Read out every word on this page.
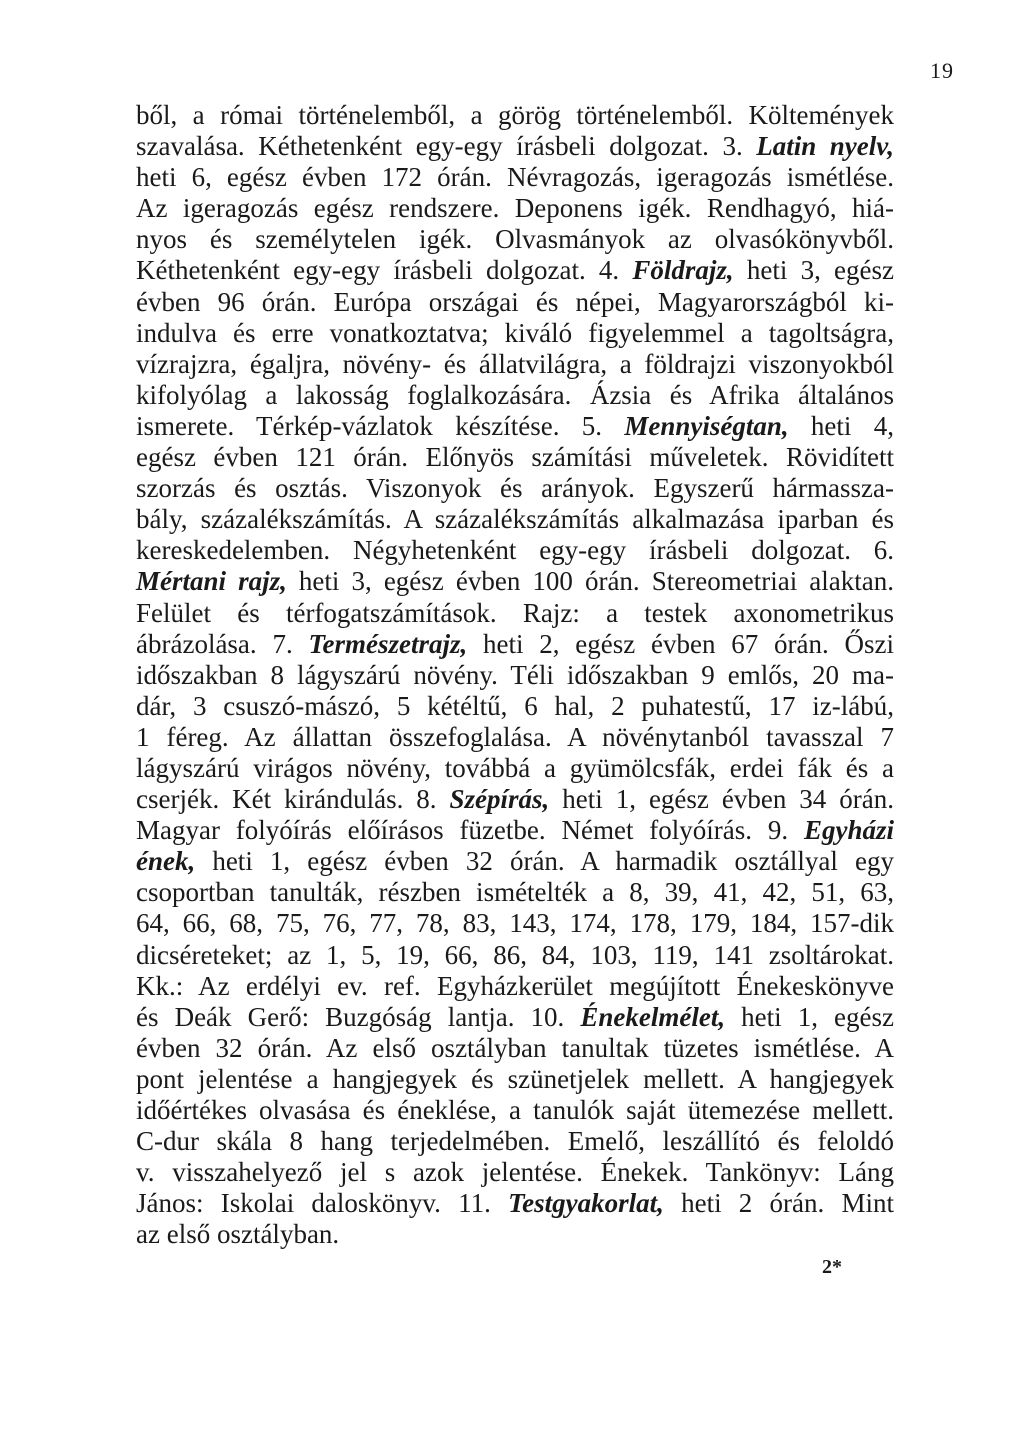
19
ből, a római történelemből, a görög történelemből. Költemények
szavalása. Kéthetenként egy-egy írásbeli dolgozat. 3. Latin nyelv,
heti 6, egész évben 172 órán. Névragozás, igeragozás ismétlése.
Az igeragozás egész rendszere. Deponens igék. Rendhagyó, hiá-
nyos és személytelen igék. Olvasmányok az olvasókönyvből.
Kéthetenként egy-egy írásbeli dolgozat. 4. Földrajz, heti 3, egész
évben 96 órán. Európa országai és népei, Magyarországból ki-
indulva és erre vonatkoztatva; kiváló figyelemmel a tagoltságra,
vízrajzra, égaljra, növény- és állatvilágra, a földrajzi viszonyokból
kifolyólag a lakosság foglalkozására. Ázsia és Afrika általános
ismerete. Térkép-vázlatok készítése. 5. Mennyiségtan, heti 4,
egész évben 121 órán. Előnyös számítási műveletek. Rövidített
szorzás és osztás. Viszonyok és arányok. Egyszerű hármassza-
bály, százalékszámítás. A százalékszámítás alkalmazása iparban és
kereskedelemben. Négyhetenként egy-egy írásbeli dolgozat. 6.
Mértani rajz, heti 3, egész évben 100 órán. Stereometriai alaktan.
Felület és térfogatszámítások. Rajz: a testek axonometrikus
ábrázolása. 7. Természetrajz, heti 2, egész évben 67 órán. Őszi
időszakban 8 lágyszárú növény. Téli időszakban 9 emlős, 20 ma-
dár, 3 csuszó-mászó, 5 kétéltű, 6 hal, 2 puhatestű, 17 iz-lábú,
1 féreg. Az állattan összefoglalása. A növénytanból tavasszal 7
lágyszárú virágos növény, továbbá a gyümölcsfák, erdei fák és a
cserjék. Két kirándulás. 8. Szépírás, heti 1, egész évben 34 órán.
Magyar folyóírás előírásos füzetbe. Német folyóírás. 9. Egyházi
ének, heti 1, egész évben 32 órán. A harmadik osztállyal egy
csoportban tanulták, részben ismételték a 8, 39, 41, 42, 51, 63,
64, 66, 68, 75, 76, 77, 78, 83, 143, 174, 178, 179, 184, 157-dik
dicséreteket; az 1, 5, 19, 66, 86, 84, 103, 119, 141 zsoltárokat.
Kk.: Az erdélyi ev. ref. Egyházkerület megújított Énekeskönyve
és Deák Gerő: Buzgóság lantja. 10. Énekelmélet, heti 1, egész
évben 32 órán. Az első osztályban tanultak tüzetes ismétlése. A
pont jelentése a hangjegyek és szünetjelek mellett. A hangjegyek
időértékes olvasása és éneklése, a tanulók saját ütemezése mellett.
C-dur skála 8 hang terjedelmében. Emelő, leszállító és feloldó
v. visszahelyező jel s azok jelentése. Énekek. Tankönyv: Láng
János: Iskolai daloskönyv. 11. Testgyakorlat, heti 2 órán. Mint
az első osztályban.
2*
